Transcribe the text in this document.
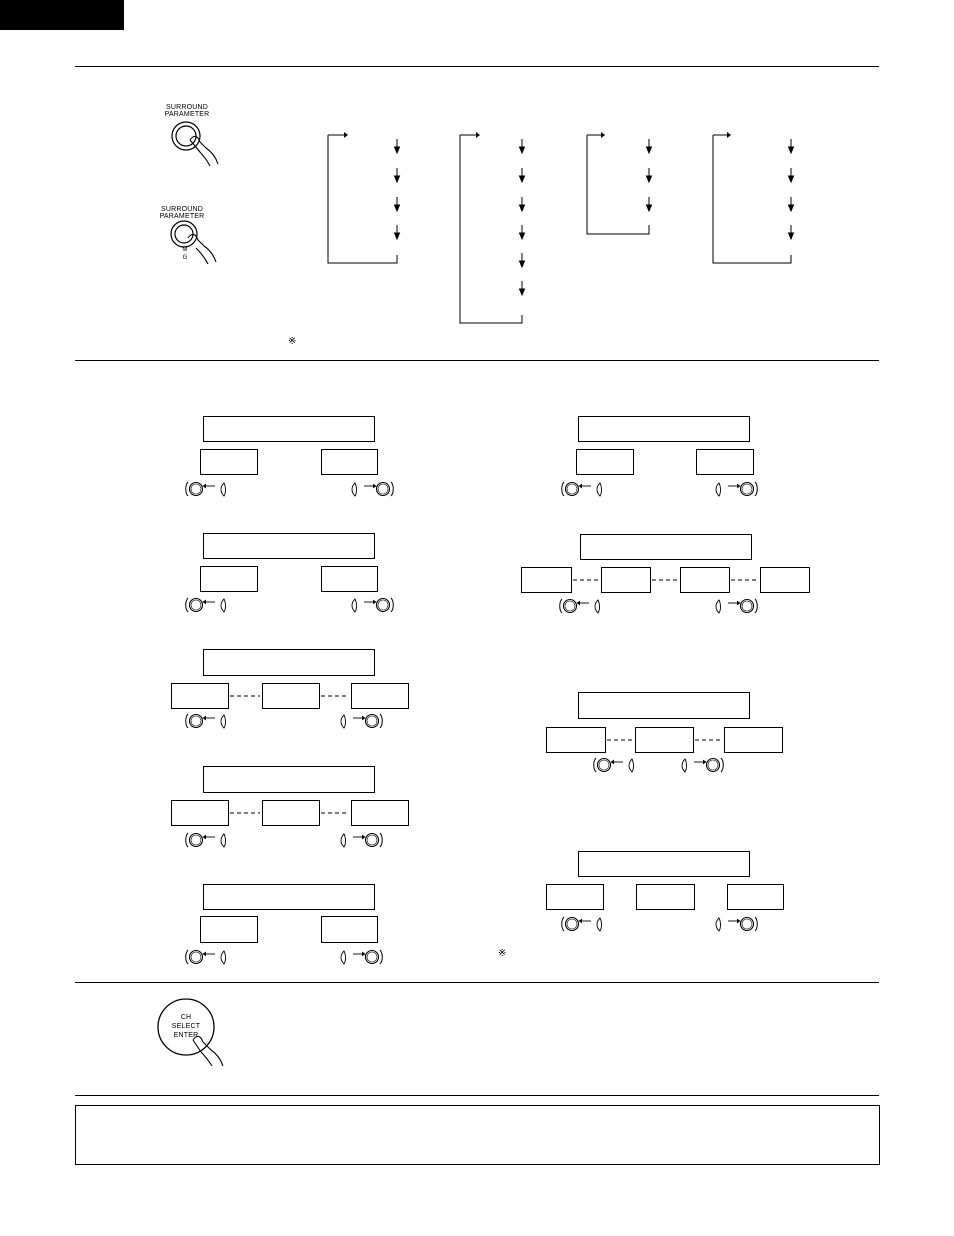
SURROUND PARAMETER
SURROUND PARAMETER
M G
※
※
CH SELECT ENTER
